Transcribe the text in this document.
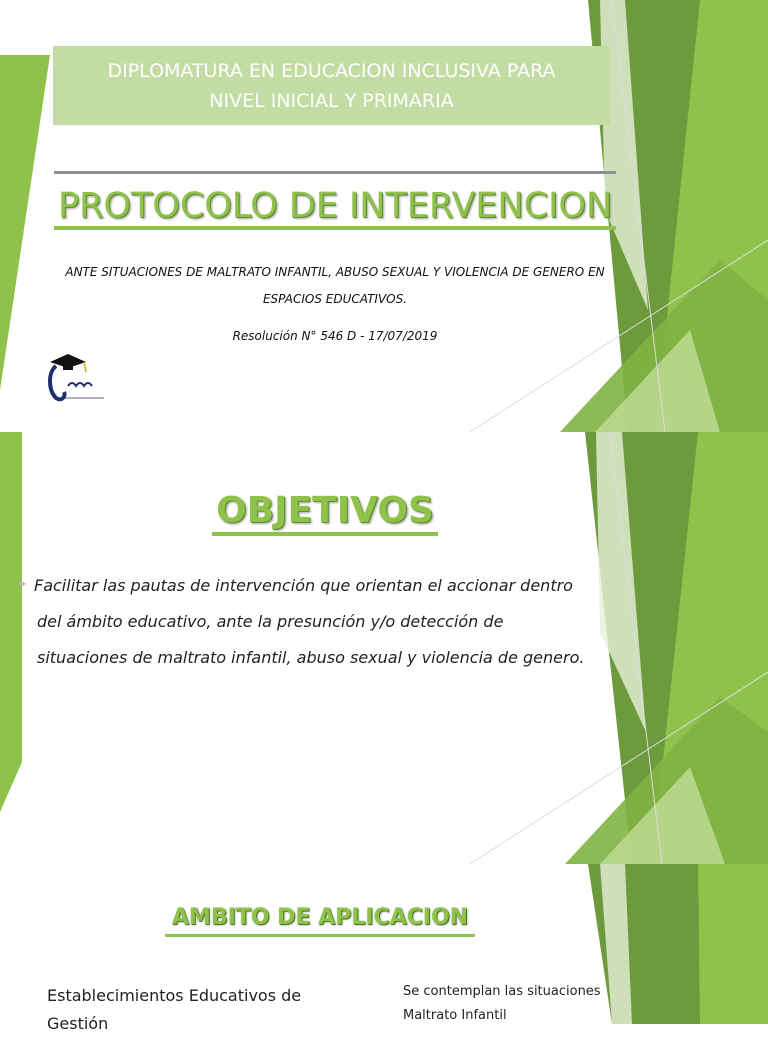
DIPLOMATURA EN EDUCACION INCLUSIVA PARA
NIVEL INICIAL Y PRIMARIA
PROTOCOLO DE INTERVENCION
ANTE SITUACIONES DE MALTRATO INFANTIL, ABUSO SEXUAL Y VIOLENCIA DE GENERO EN
ESPACIOS EDUCATIVOS.
Resolución N° 546 D - 17/07/2019
OBJETIVOS
▶ Facilitar las pautas de intervención que orientan el accionar dentro
del ámbito educativo, ante la presunción y/o detección de
situaciones de maltrato infantil, abuso sexual y violencia de genero.
AMBITO DE APLICACION
Establecimientos Educativos de
Gestión
Se contemplan las situaciones
Maltrato Infantil
